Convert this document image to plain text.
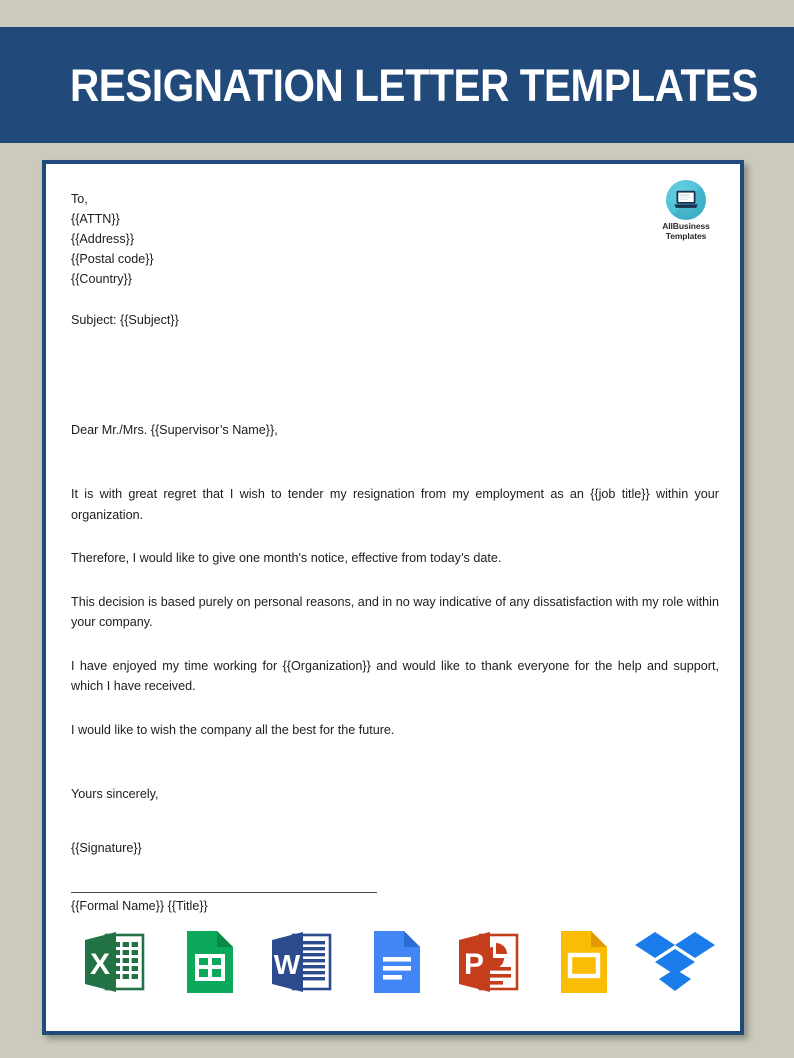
RESIGNATION LETTER TEMPLATES
AllBusiness
Templates
To,
{{ATTN}}
{{Address}}
{{Postal code}}
{{Country}}
Subject: {{Subject}}
Dear Mr./Mrs. {{Supervisor’s Name}},
It is with great regret that I wish to tender my resignation from my employment as an {{job title}} within your organization.
Therefore, I would like to give one month's notice, effective from today’s date.
This decision is based purely on personal reasons, and in no way indicative of any dissatisfaction with my role within your company.
I have enjoyed my time working for {{Organization}} and would like to thank everyone for the help and support, which I have received.
I would like to wish the company all the best for the future.
Yours sincerely,
{{Signature}}
{{Formal Name}} {{Title}}
X	W	P
